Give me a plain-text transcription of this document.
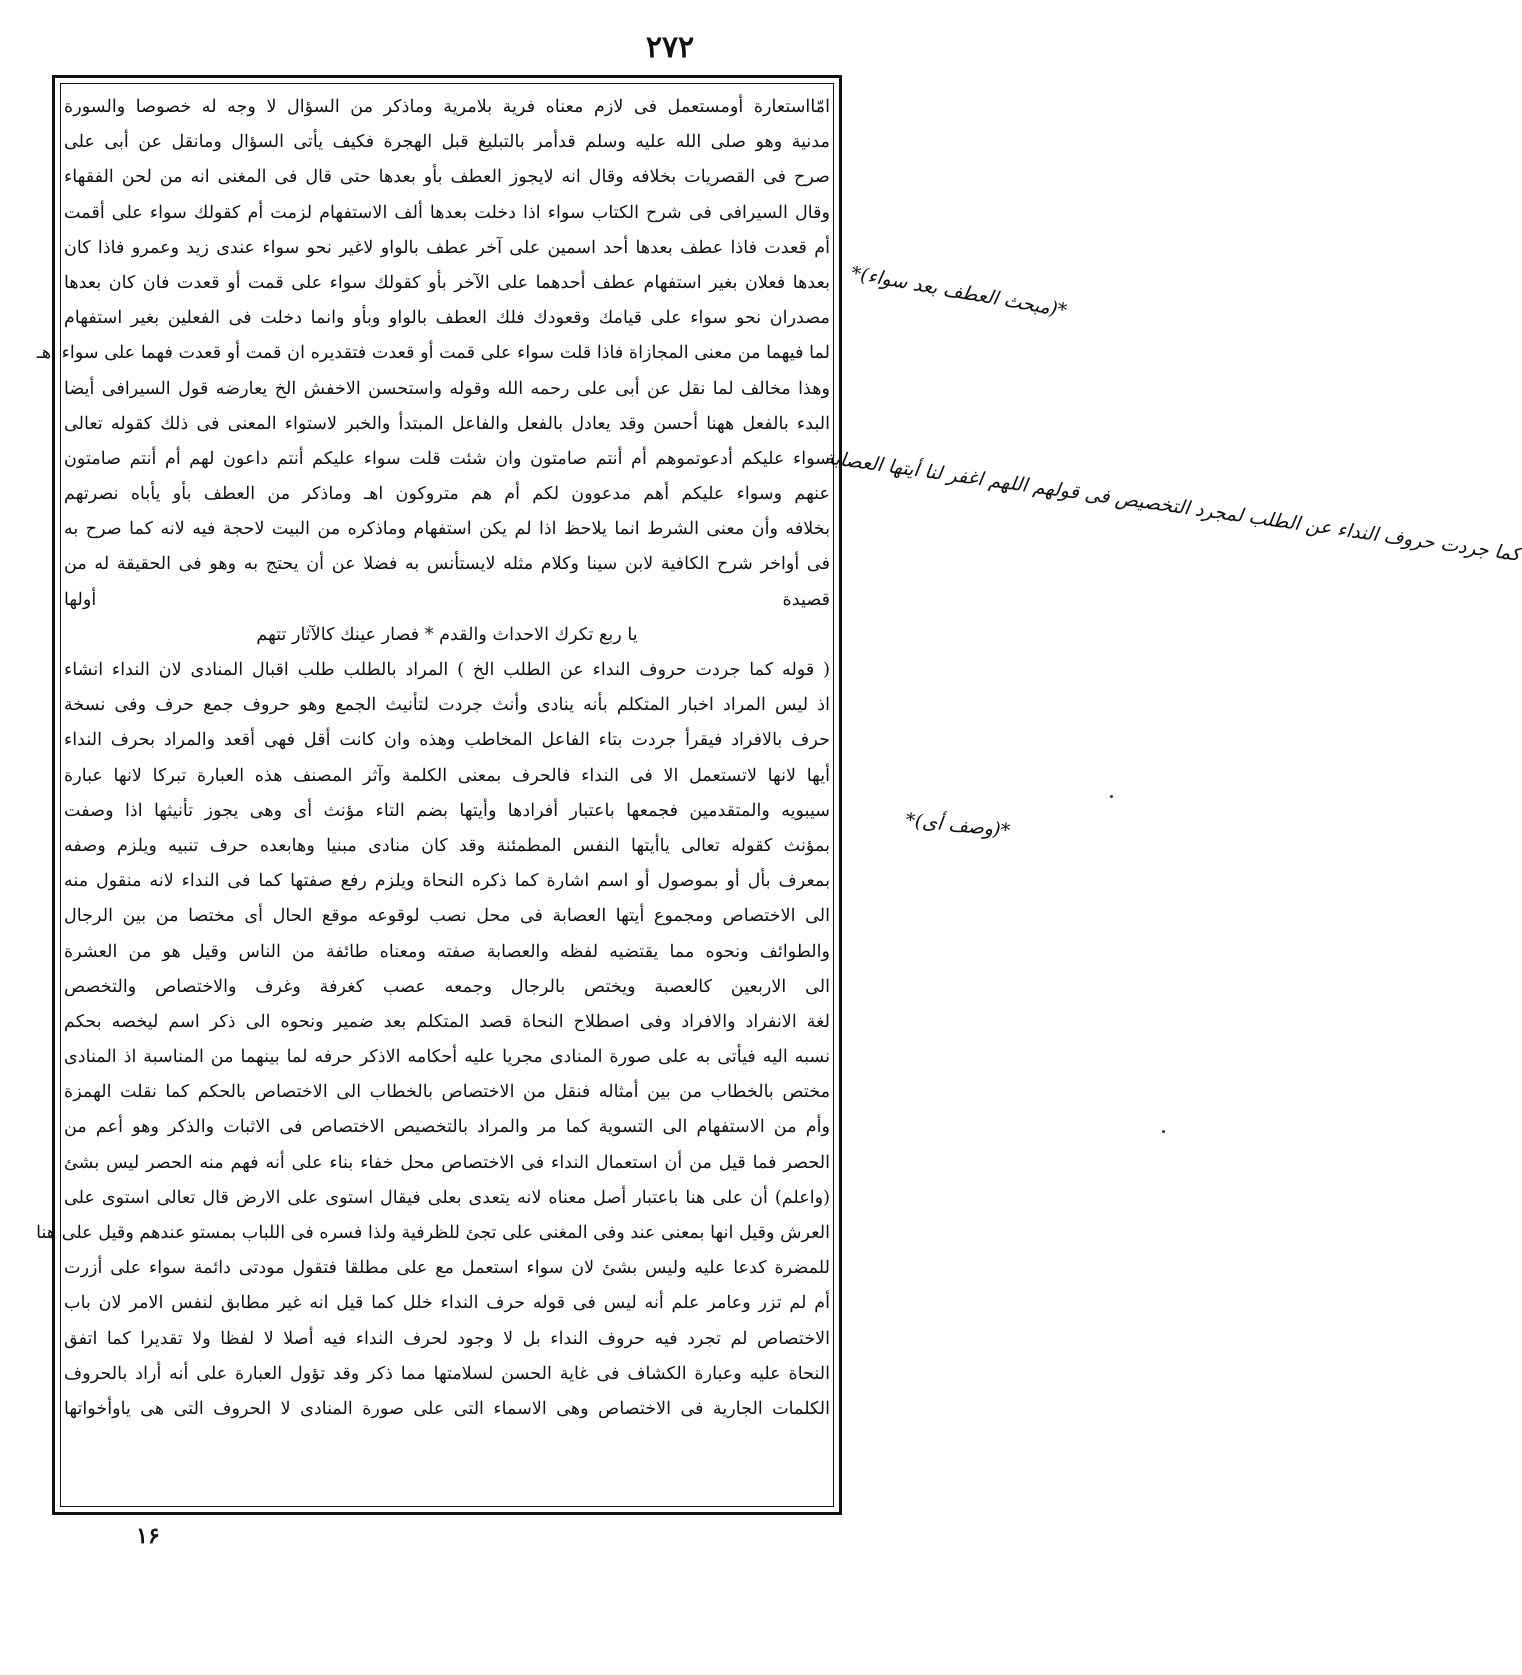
۲۷۲
امّااستعارة أومستعمل فى لازم معناه فرية بلامرية وماذكر من السؤال لا وجه له خصوصا والسورة
مدنية وهو صلى الله عليه وسلم قدأمر بالتبليغ قبل الهجرة فكيف يأتى السؤال ومانقل عن أبى على
صرح فى القصريات بخلافه وقال انه لايجوز العطف بأو بعدها حتى قال فى المغنى انه من لحن الفقهاء
وقال السيرافى فى شرح الكتاب سواء اذا دخلت بعدها ألف الاستفهام لزمت أم كقولك سواء على أقمت
أم قعدت فاذا عطف بعدها أحد اسمين على آخر عطف بالواو لاغير نحو سواء عندى زيد وعمرو فاذا كان
بعدها فعلان بغير استفهام عطف أحدهما على الآخر بأو كقولك سواء على قمت أو قعدت فان كان بعدها
مصدران نحو سواء على قيامك وقعودك فلك العطف بالواو وبأو وانما دخلت فى الفعلين بغير استفهام
لما فيهما من معنى المجازاة فاذا قلت سواء على قمت أو قعدت فتقديره ان قمت أو قعدت فهما على سواء اهـ
وهذا مخالف لما نقل عن أبى على رحمه الله وقوله واستحسن الاخفش الخ يعارضه قول السيرافى أيضا
البدء بالفعل ههنا أحسن وقد يعادل بالفعل والفاعل المبتدأ والخبر لاستواء المعنى فى ذلك كقوله تعالى
سواء عليكم أدعوتموهم أم أنتم صامتون وان شئت قلت سواء عليكم أنتم داعون لهم أم أنتم صامتون
عنهم وسواء عليكم أهم مدعوون لكم أم هم متروكون اهـ وماذكر من العطف بأو يأباه نصرتهم
بخلافه وأن معنى الشرط انما يلاحظ اذا لم يكن استفهام وماذكره من البيت لاحجة فيه لانه كما صرح به
فى أواخر شرح الكافية لابن سينا وكلام مثله لايستأنس به فضلا عن أن يحتج به وهو فى الحقيقة له من
قصيدة أولها
يا ربع تكرك الاحداث والقدم * فصار عينك كالآثار تتهم
( قوله كما جردت حروف النداء عن الطلب الخ ) المراد بالطلب طلب اقبال المنادى لان النداء انشاء
اذ ليس المراد اخبار المتكلم بأنه ينادى وأنث جردت لتأنيث الجمع وهو حروف جمع حرف وفى نسخة
حرف بالافراد فيقرأ جردت بتاء الفاعل المخاطب وهذه وان كانت أقل فهى أقعد والمراد بحرف النداء
أيها لانها لاتستعمل الا فى النداء فالحرف بمعنى الكلمة وآثر المصنف هذه العبارة تبركا لانها عبارة
سيبويه والمتقدمين فجمعها باعتبار أفرادها وأيتها بضم التاء مؤنث أى وهى يجوز تأنيثها اذا وصفت
بمؤنث كقوله تعالى ياأيتها النفس المطمئنة وقد كان منادى مبنيا وهابعده حرف تنبيه ويلزم وصفه
بمعرف بأل أو بموصول أو اسم اشارة كما ذكره النحاة ويلزم رفع صفتها كما فى النداء لانه منقول منه
الى الاختصاص ومجموع أيتها العصابة فى محل نصب لوقوعه موقع الحال أى مختصا من بين الرجال
والطوائف ونحوه مما يقتضيه لفظه والعصابة صفته ومعناه طائفة من الناس وقيل هو من العشرة
الى الاربعين كالعصبة ويختص بالرجال وجمعه عصب كغرفة وغرف والاختصاص والتخصص
لغة الانفراد والافراد وفى اصطلاح النحاة قصد المتكلم بعد ضمير ونحوه الى ذكر اسم ليخصه بحكم
نسبه اليه فيأتى به على صورة المنادى مجريا عليه أحكامه الاذكر حرفه لما بينهما من المناسبة اذ المنادى
مختص بالخطاب من بين أمثاله فنقل من الاختصاص بالخطاب الى الاختصاص بالحكم كما نقلت الهمزة
وأم من الاستفهام الى التسوية كما مر والمراد بالتخصيص الاختصاص فى الاثبات والذكر وهو أعم من
الحصر فما قيل من أن استعمال النداء فى الاختصاص محل خفاء بناء على أنه فهم منه الحصر ليس بشئ
(واعلم) أن على هنا باعتبار أصل معناه لانه يتعدى بعلى فيقال استوى على الارض قال تعالى استوى على
العرش وقيل انها بمعنى عند وفى المغنى على تجئ للظرفية ولذا فسره فى اللباب بمستو عندهم وقيل على هنا
للمضرة كدعا عليه وليس بشئ لان سواء استعمل مع على مطلقا فتقول مودتى دائمة سواء على أزرت
أم لم تزر وعامر علم أنه ليس فى قوله حرف النداء خلل كما قيل انه غير مطابق لنفس الامر لان باب
الاختصاص لم تجرد فيه حروف النداء بل لا وجود لحرف النداء فيه أصلا لا لفظا ولا تقديرا كما اتفق
النحاة عليه وعبارة الكشاف فى غاية الحسن لسلامتها مما ذكر وقد تؤول العبارة على أنه أراد بالحروف
الكلمات الجارية فى الاختصاص وهى الاسماء التى على صورة المنادى لا الحروف التى هى ياوأخواتها
*(مبحث العطف بعد سواء)*
كما جردت حروف النداء عن الطلب لمجرد التخصيص فى قولهم اللهم اغفر لنا أيتها العصابة
*(وصف أى)*
۱۶
